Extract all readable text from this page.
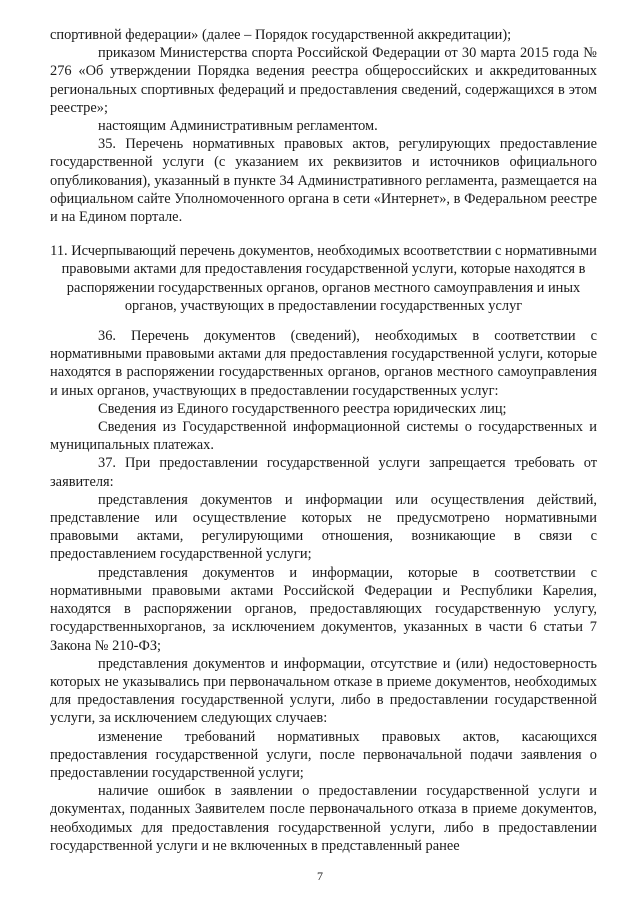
спортивной федерации» (далее – Порядок государственной аккредитации);

приказом Министерства спорта Российской Федерации от 30 марта 2015 года № 276 «Об утверждении Порядка ведения реестра общероссийских и аккредитованных региональных спортивных федераций и предоставления сведений, содержащихся в этом реестре»;

настоящим Административным регламентом.

35. Перечень нормативных правовых актов, регулирующих предоставление государственной услуги (с указанием их реквизитов и источников официального опубликования), указанный в пункте 34 Административного регламента, размещается на официальном сайте Уполномоченного органа в сети «Интернет», в Федеральном реестре и на Едином портале.

11. Исчерпывающий перечень документов, необходимых всоответствии с нормативными правовыми актами для предоставления государственной услуги, которые находятся в распоряжении государственных органов, органов местного самоуправления и иных органов, участвующих в предоставлении государственных услуг

36. Перечень документов (сведений), необходимых в соответствии с нормативными правовыми актами для предоставления государственной услуги, которые находятся в распоряжении государственных органов, органов местного самоуправления и иных органов, участвующих в предоставлении государственных услуг:

Сведения из Единого государственного реестра юридических лиц;

Сведения из Государственной информационной системы о государственных и муниципальных платежах.

37. При предоставлении государственной услуги запрещается требовать от заявителя:

представления документов и информации или осуществления действий, представление или осуществление которых не предусмотрено нормативными правовыми актами, регулирующими отношения, возникающие в связи с предоставлением государственной услуги;

представления документов и информации, которые в соответствии с нормативными правовыми актами Российской Федерации и Республики Карелия, находятся в распоряжении органов, предоставляющих государственную услугу, государственныхорганов, за исключением документов, указанных в части 6 статьи 7 Закона № 210-ФЗ;

представления документов и информации, отсутствие и (или) недостоверность которых не указывались при первоначальном отказе в приеме документов, необходимых для предоставления государственной услуги, либо в предоставлении государственной услуги, за исключением следующих случаев:

изменение требований нормативных правовых актов, касающихся предоставления государственной услуги, после первоначальной подачи заявления о предоставлении государственной услуги;

наличие ошибок в заявлении о предоставлении государственной услуги и документах, поданных Заявителем после первоначального отказа в приеме документов, необходимых для предоставления государственной услуги, либо в предоставлении государственной услуги и не включенных в представленный ранее

7
